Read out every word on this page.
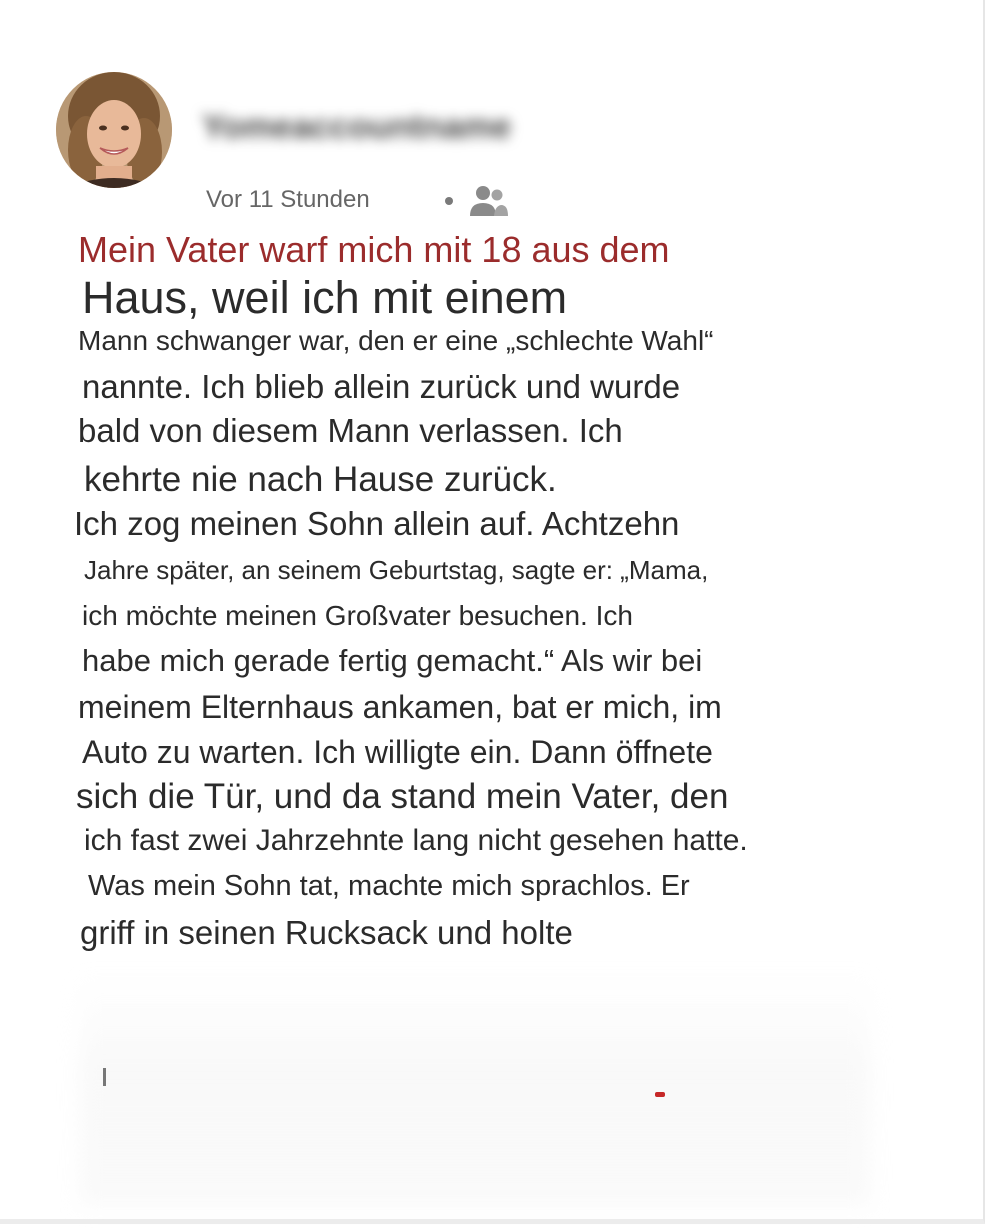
Yomeaccountname
Vor 11 Stunden
Mein Vater warf mich mit 18 aus dem
Haus, weil ich mit einem
Mann schwanger war, den er eine „schlechte Wahl“
nannte. Ich blieb allein zurück und wurde
bald von diesem Mann verlassen. Ich
kehrte nie nach Hause zurück.
Ich zog meinen Sohn allein auf. Achtzehn
Jahre später, an seinem Geburtstag, sagte er: „Mama,
ich möchte meinen Großvater besuchen. Ich
habe mich gerade fertig gemacht.“ Als wir bei
meinem Elternhaus ankamen, bat er mich, im
Auto zu warten. Ich willigte ein. Dann öffnete
sich die Tür, und da stand mein Vater, den
ich fast zwei Jahrzehnte lang nicht gesehen hatte.
Was mein Sohn tat, machte mich sprachlos. Er
griff in seinen Rucksack und holte
